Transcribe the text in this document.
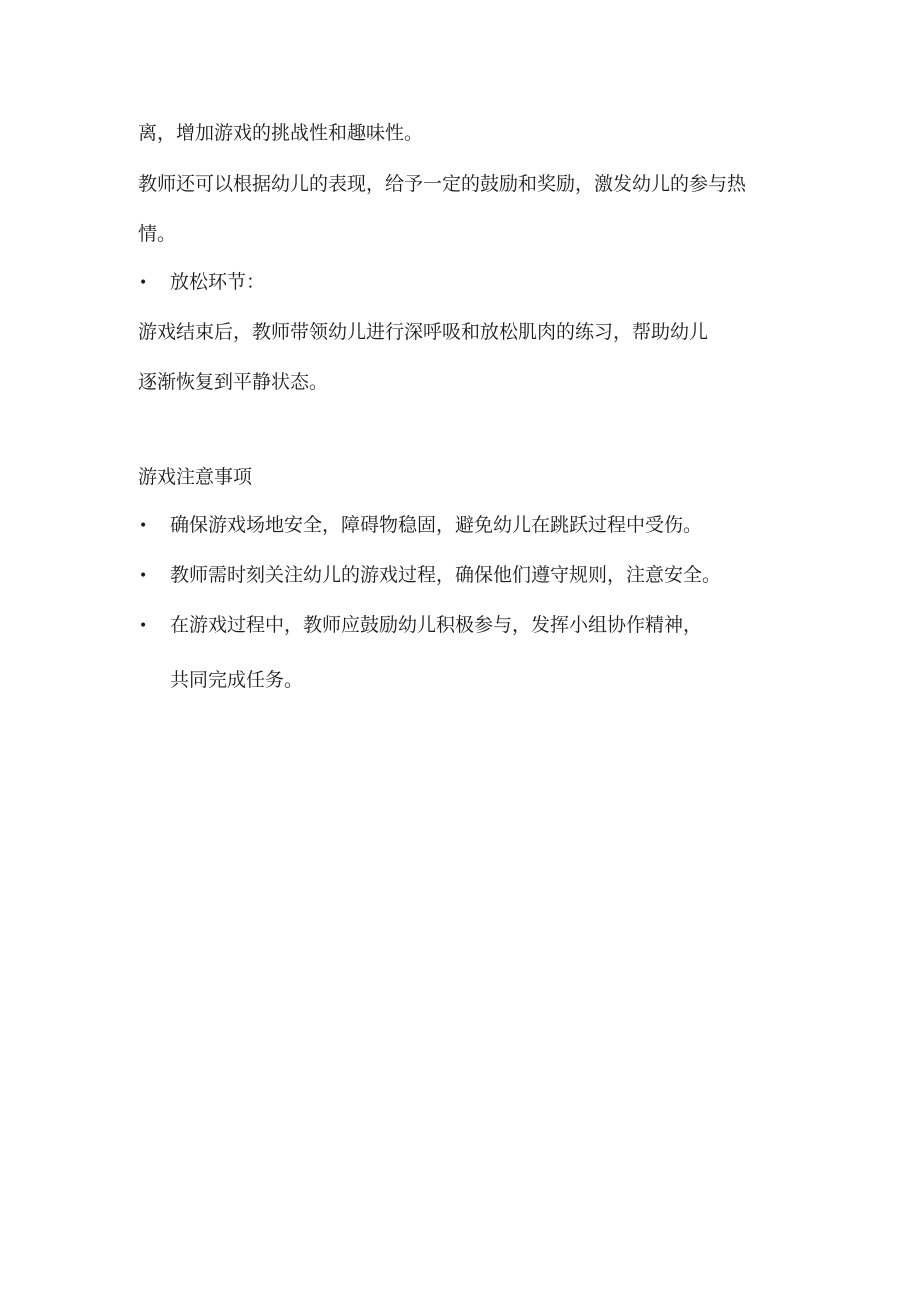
离，增加游戏的挑战性和趣味性。
教师还可以根据幼儿的表现，给予一定的鼓励和奖励，激发幼儿的参与热
情。
• 放松环节：
游戏结束后，教师带领幼儿进行深呼吸和放松肌肉的练习，帮助幼儿
逐渐恢复到平静状态。
游戏注意事项
• 确保游戏场地安全，障碍物稳固，避免幼儿在跳跃过程中受伤。
• 教师需时刻关注幼儿的游戏过程，确保他们遵守规则，注意安全。
• 在游戏过程中，教师应鼓励幼儿积极参与，发挥小组协作精神，
共同完成任务。
